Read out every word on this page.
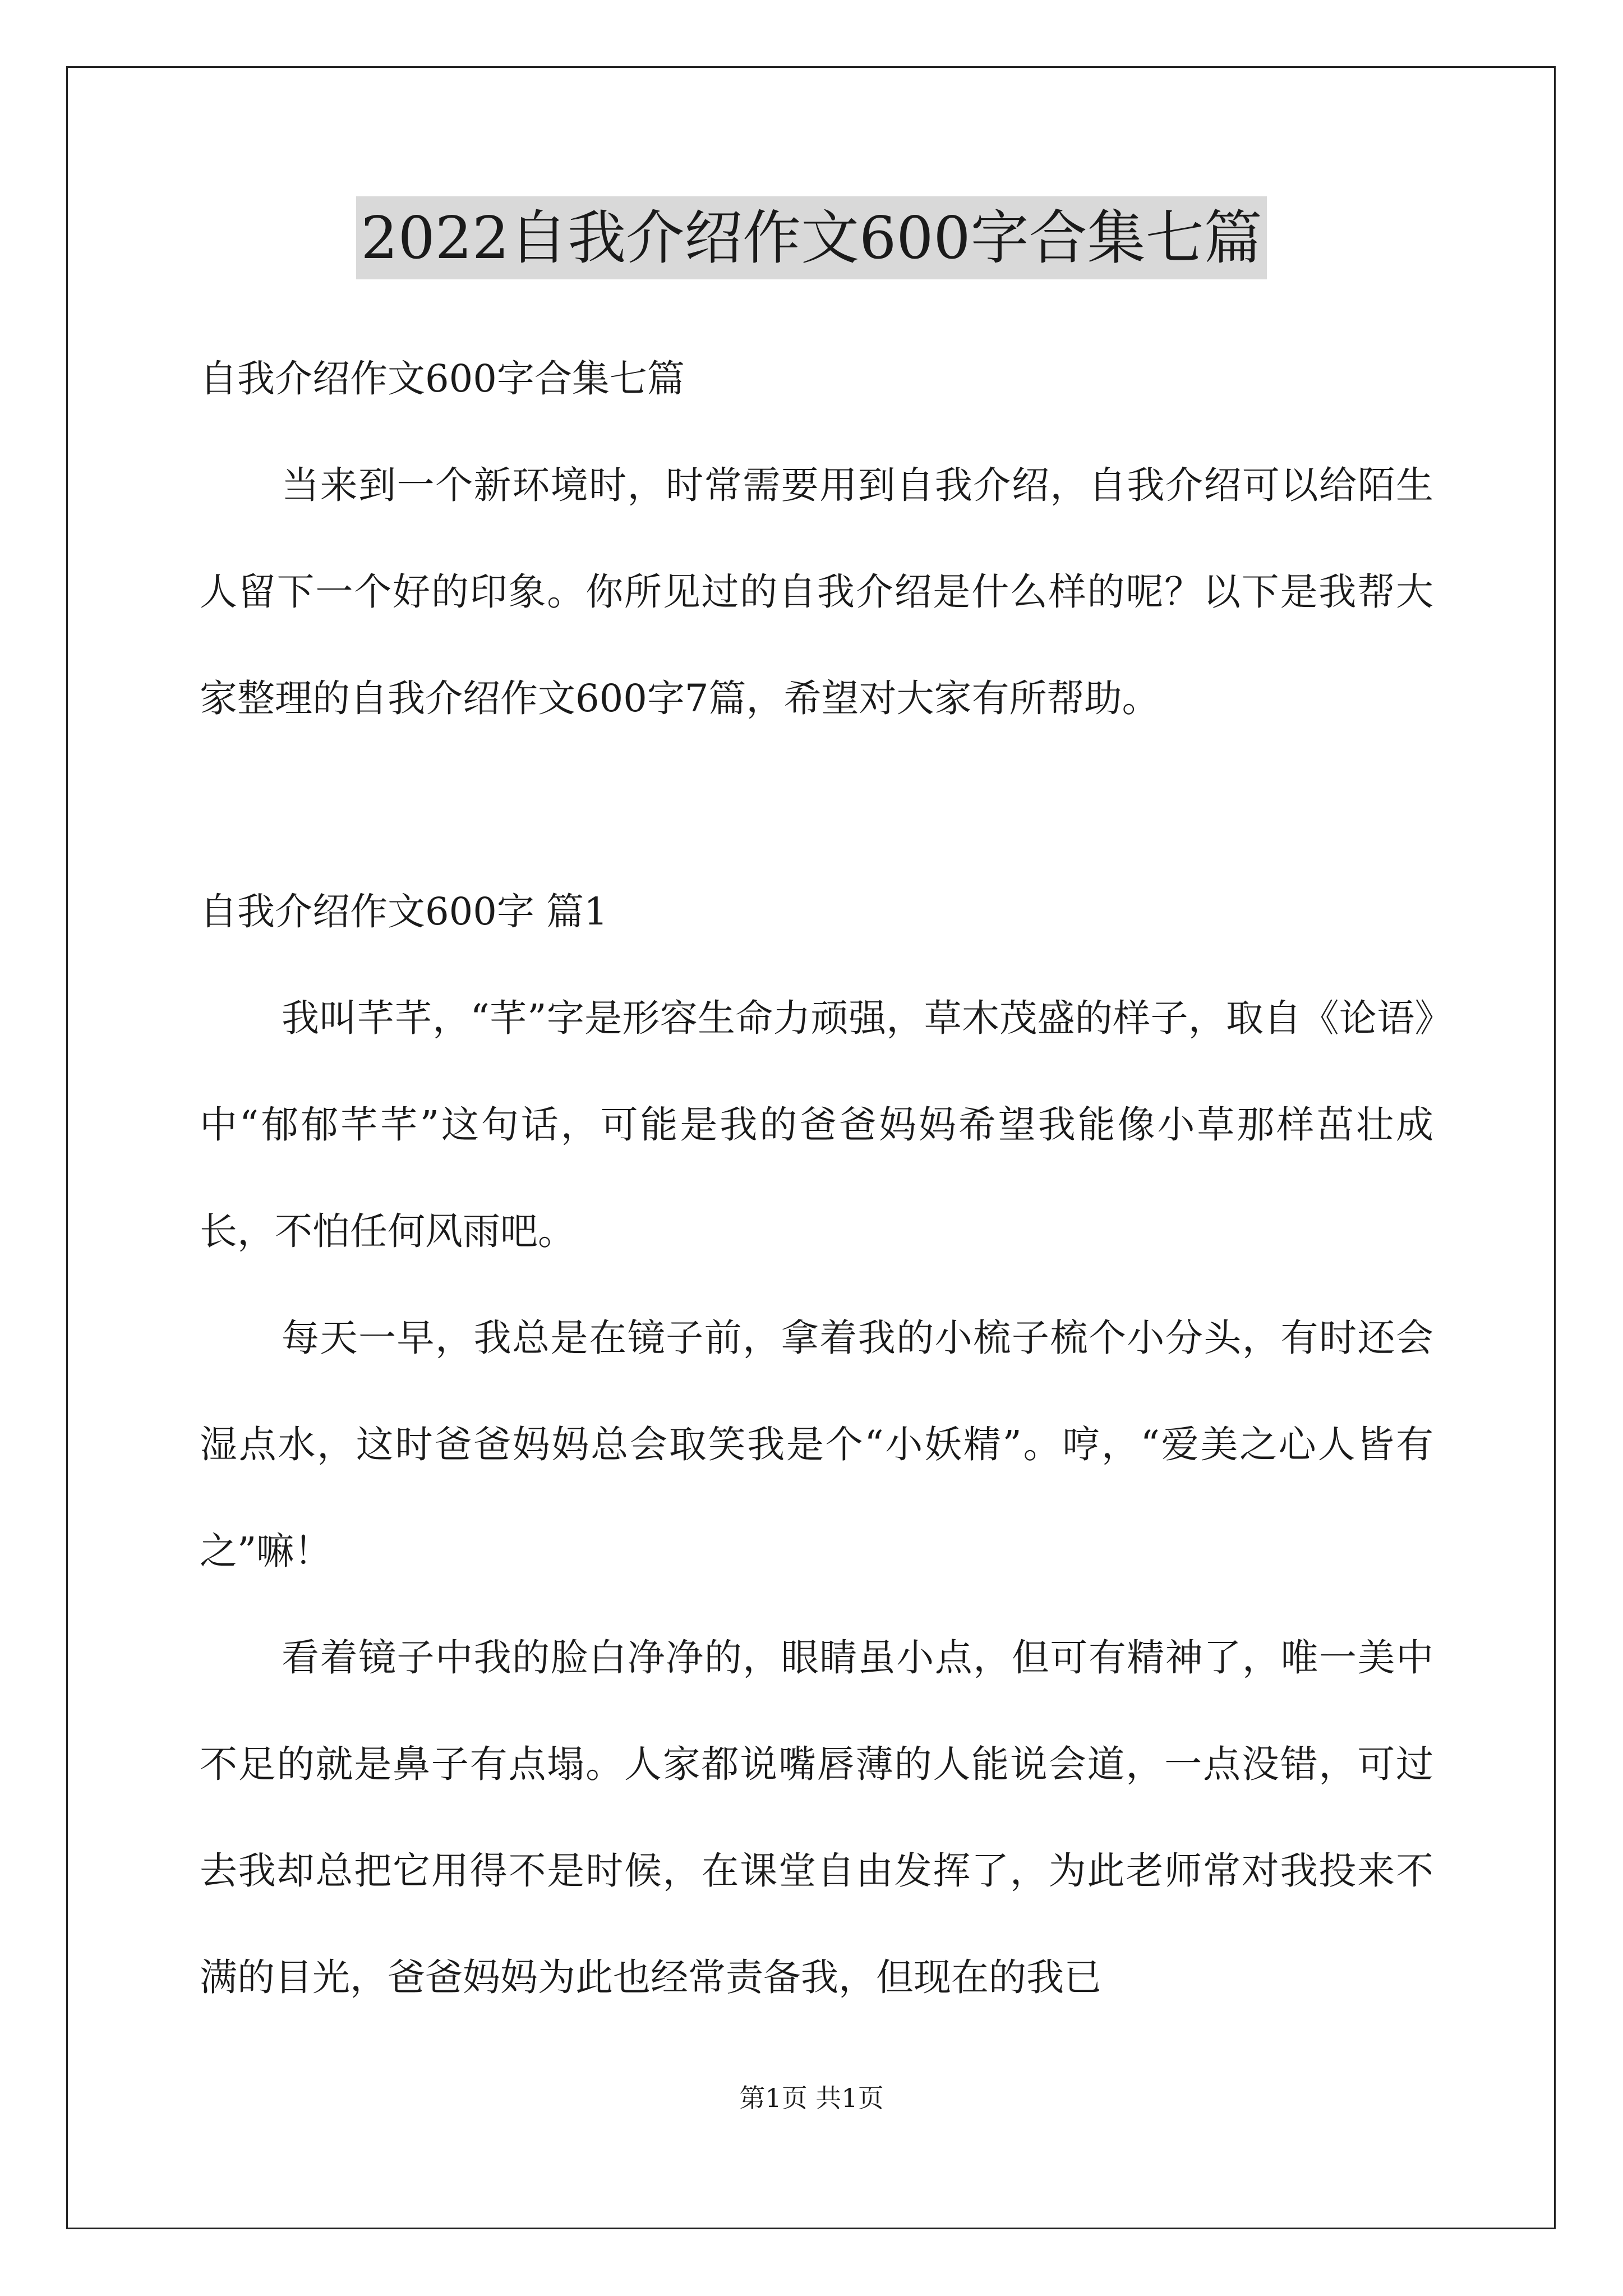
2022自我介绍作文600字合集七篇
自我介绍作文600字合集七篇

当来到一个新环境时，时常需要用到自我介绍，自我介绍可以给陌生人留下一个好的印象。你所见过的自我介绍是什么样的呢？以下是我帮大家整理的自我介绍作文600字7篇，希望对大家有所帮助。

自我介绍作文600字 篇1

我叫芊芊，“芊”字是形容生命力顽强，草木茂盛的样子，取自《论语》中“郁郁芊芊”这句话，可能是我的爸爸妈妈希望我能像小草那样茁壮成长，不怕任何风雨吧。

每天一早，我总是在镜子前，拿着我的小梳子梳个小分头，有时还会湿点水，这时爸爸妈妈总会取笑我是个“小妖精”。哼，“爱美之心人皆有之”嘛！

看着镜子中我的脸白净净的，眼睛虽小点，但可有精神了，唯一美中不足的就是鼻子有点塌。人家都说嘴唇薄的人能说会道，一点没错，可过去我却总把它用得不是时候，在课堂自由发挥了，为此老师常对我投来不满的目光，爸爸妈妈为此也经常责备我，但现在的我已

第1页 共1页
